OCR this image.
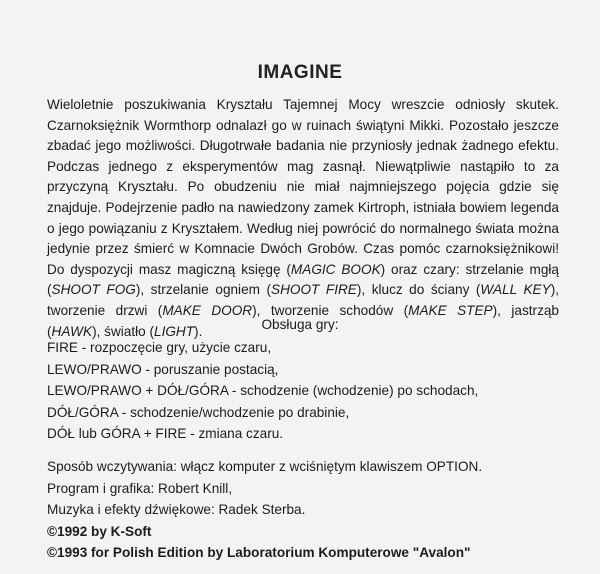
IMAGINE

Wieloletnie poszukiwania Kryształu Tajemnej Mocy wreszcie odniosły skutek. Czarnoksiężnik Wormthorp odnalazł go w ruinach świątyni Mikki. Pozostało jeszcze zbadać jego możliwości. Długotrwałe badania nie przyniosły jednak żadnego efektu. Podczas jednego z eksperymentów mag zasnął. Niewątpliwie nastąpiło to za przyczyną Kryształu. Po obudzeniu nie miał najmniejszego pojęcia gdzie się znajduje. Podejrzenie padło na nawiedzony zamek Kirtroph, istniała bowiem legenda o jego powiązaniu z Kryształem. Według niej powrócić do normalnego świata można jedynie przez śmierć w Komnacie Dwóch Grobów. Czas pomóc czarnoksiężnikowi! Do dyspozycji masz magiczną księgę (MAGIC BOOK) oraz czary: strzelanie mgłą (SHOOT FOG), strzelanie ogniem (SHOOT FIRE), klucz do ściany (WALL KEY), tworzenie drzwi (MAKE DOOR), tworzenie schodów (MAKE STEP), jastrząb (HAWK), światło (LIGHT).	Obsługa gry:
FIRE - rozpoczęcie gry, użycie czaru,
LEWO/PRAWO - poruszanie postacią,
LEWO/PRAWO + DÓŁ/GÓRA - schodzenie (wchodzenie) po schodach,
DÓŁ/GÓRA - schodzenie/wchodzenie po drabinie,
DÓŁ lub GÓRA + FIRE - zmiana czaru.
Sposób wczytywania: włącz komputer z wciśniętym klawiszem OPTION.
Program i grafika: Robert Knill,
Muzyka i efekty dźwiękowe: Radek Sterba.
©1992 by K-Soft
©1993 for Polish Edition by Laboratorium Komputerowe "Avalon"
